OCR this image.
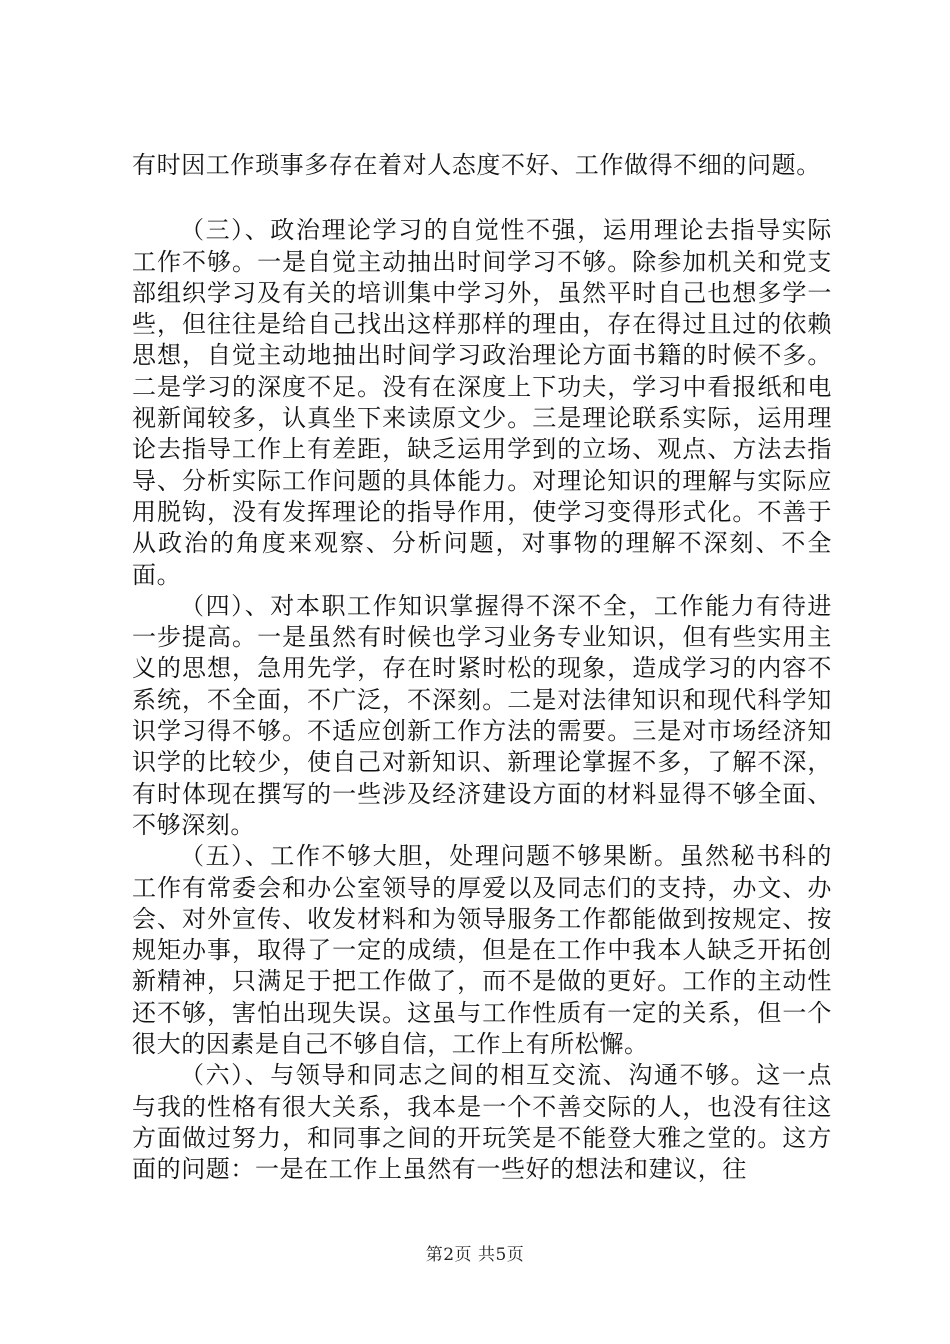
有时因工作琐事多存在着对人态度不好、工作做得不细的问题。

（三）、政治理论学习的自觉性不强，运用理论去指导实际工作不够。一是自觉主动抽出时间学习不够。除参加机关和党支部组织学习及有关的培训集中学习外，虽然平时自己也想多学一些，但往往是给自己找出这样那样的理由，存在得过且过的依赖思想，自觉主动地抽出时间学习政治理论方面书籍的时候不多。二是学习的深度不足。没有在深度上下功夫，学习中看报纸和电视新闻较多，认真坐下来读原文少。三是理论联系实际，运用理论去指导工作上有差距，缺乏运用学到的立场、观点、方法去指导、分析实际工作问题的具体能力。对理论知识的理解与实际应用脱钩，没有发挥理论的指导作用，使学习变得形式化。不善于从政治的角度来观察、分析问题，对事物的理解不深刻、不全面。

（四）、对本职工作知识掌握得不深不全，工作能力有待进一步提高。一是虽然有时候也学习业务专业知识，但有些实用主义的思想，急用先学，存在时紧时松的现象，造成学习的内容不系统，不全面，不广泛，不深刻。二是对法律知识和现代科学知识学习得不够。不适应创新工作方法的需要。三是对市场经济知识学的比较少，使自己对新知识、新理论掌握不多，了解不深，有时体现在撰写的一些涉及经济建设方面的材料显得不够全面、不够深刻。

（五）、工作不够大胆，处理问题不够果断。虽然秘书科的工作有常委会和办公室领导的厚爱以及同志们的支持，办文、办会、对外宣传、收发材料和为领导服务工作都能做到按规定、按规矩办事，取得了一定的成绩，但是在工作中我本人缺乏开拓创新精神，只满足于把工作做了，而不是做的更好。工作的主动性还不够，害怕出现失误。这虽与工作性质有一定的关系，但一个很大的因素是自己不够自信，工作上有所松懈。

（六）、与领导和同志之间的相互交流、沟通不够。这一点与我的性格有很大关系，我本是一个不善交际的人，也没有往这方面做过努力，和同事之间的开玩笑是不能登大雅之堂的。这方面的问题：一是在工作上虽然有一些好的想法和建议，往

第2页 共5页
